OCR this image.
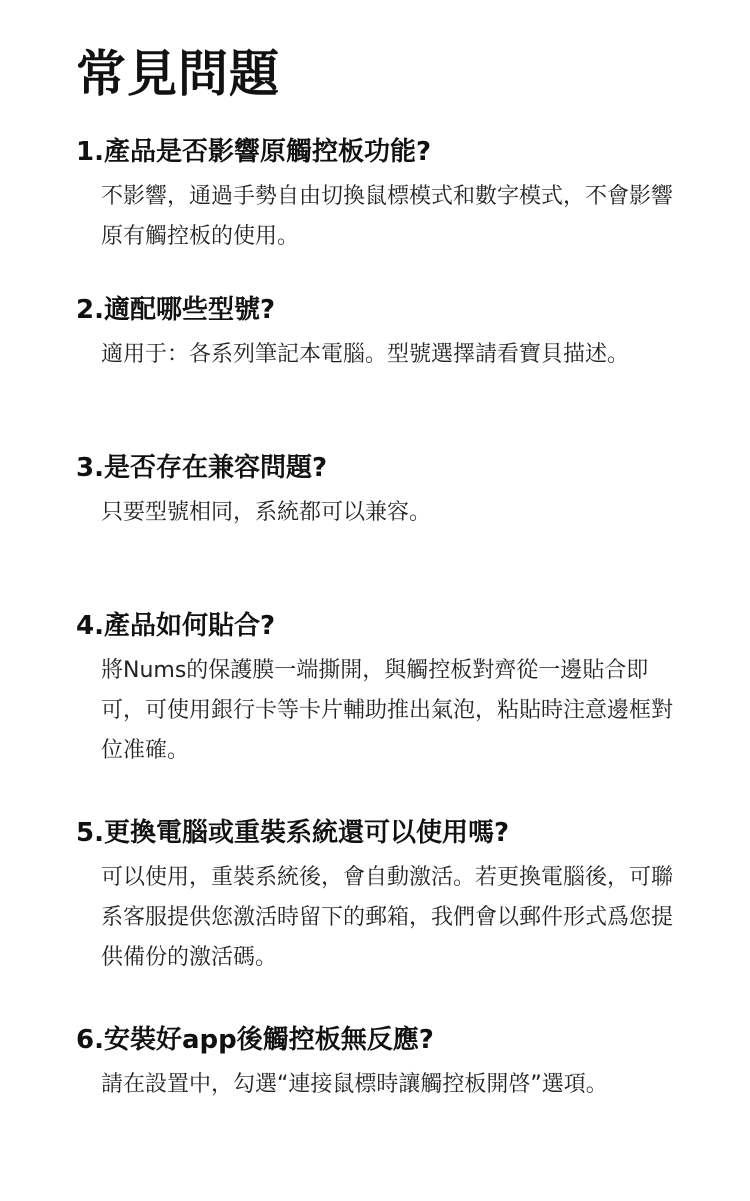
常見問題
1.產品是否影響原觸控板功能?

不影響，通過手勢自由切換鼠標模式和數字模式，不會影響原有觸控板的使用。

2.適配哪些型號?

適用于：各系列筆記本電腦。型號選擇請看寶貝描述。

3.是否存在兼容問題?

只要型號相同，系統都可以兼容。

4.產品如何貼合?

將Nums的保護膜一端撕開，與觸控板對齊從一邊貼合即可，可使用銀行卡等卡片輔助推出氣泡，粘貼時注意邊框對位准確。

5.更換電腦或重裝系統還可以使用嗎?

可以使用，重裝系統後，會自動激活。若更換電腦後，可聯系客服提供您激活時留下的郵箱，我們會以郵件形式爲您提供備份的激活碼。

6.安裝好app後觸控板無反應?

請在設置中，勾選“連接鼠標時讓觸控板開啓”選項。
